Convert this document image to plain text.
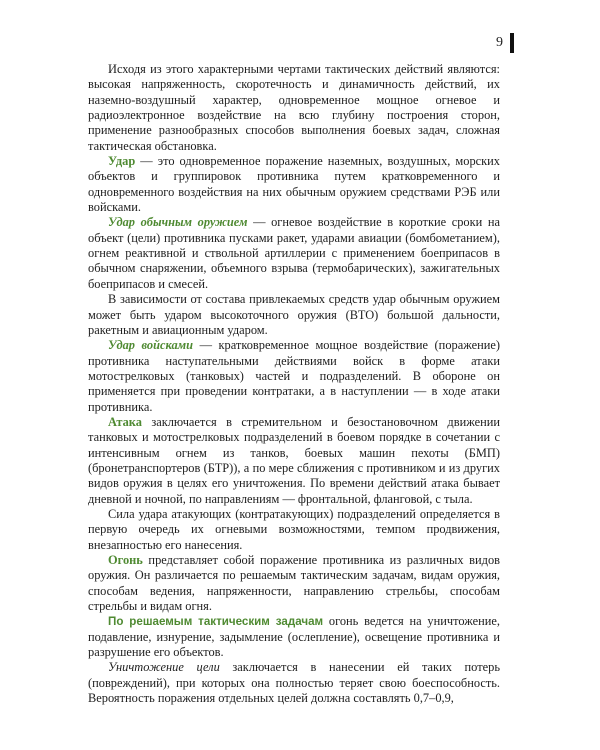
9

Исходя из этого характерными чертами тактических действий являются: высокая напряженность, скоротечность и динамичность действий, их наземно-воздушный характер, одновременное мощное огневое и радиоэлектронное воздействие на всю глубину построения сторон, применение разнообразных способов выполнения боевых задач, сложная тактическая обстановка.

Удар — это одновременное поражение наземных, воздушных, морских объектов и группировок противника путем кратковременного и одновременного воздействия на них обычным оружием средствами РЭБ или войсками.

Удар обычным оружием — огневое воздействие в короткие сроки на объект (цели) противника пусками ракет, ударами авиации (бомбометанием), огнем реактивной и ствольной артиллерии с применением боеприпасов в обычном снаряжении, объемного взрыва (термобарических), зажигательных боеприпасов и смесей.

В зависимости от состава привлекаемых средств удар обычным оружием может быть ударом высокоточного оружия (ВТО) большой дальности, ракетным и авиационным ударом.

Удар войсками — кратковременное мощное воздействие (поражение) противника наступательными действиями войск в форме атаки мотострелковых (танковых) частей и подразделений. В обороне он применяется при проведении контратаки, а в наступлении — в ходе атаки противника.

Атака заключается в стремительном и безостановочном движении танковых и мотострелковых подразделений в боевом порядке в сочетании с интенсивным огнем из танков, боевых машин пехоты (БМП) (бронетранспортеров (БТР)), а по мере сближения с противником и из других видов оружия в целях его уничтожения. По времени действий атака бывает дневной и ночной, по направлениям — фронтальной, фланговой, с тыла.

Сила удара атакующих (контратакующих) подразделений определяется в первую очередь их огневыми возможностями, темпом продвижения, внезапностью его нанесения.

Огонь представляет собой поражение противника из различных видов оружия. Он различается по решаемым тактическим задачам, видам оружия, способам ведения, напряженности, направлению стрельбы, способам стрельбы и видам огня.

По решаемым тактическим задачам огонь ведется на уничтожение, подавление, изнурение, задымление (ослепление), освещение противника и разрушение его объектов.

Уничтожение цели заключается в нанесении ей таких потерь (повреждений), при которых она полностью теряет свою боеспособность. Вероятность поражения отдельных целей должна составлять 0,7–0,9,
